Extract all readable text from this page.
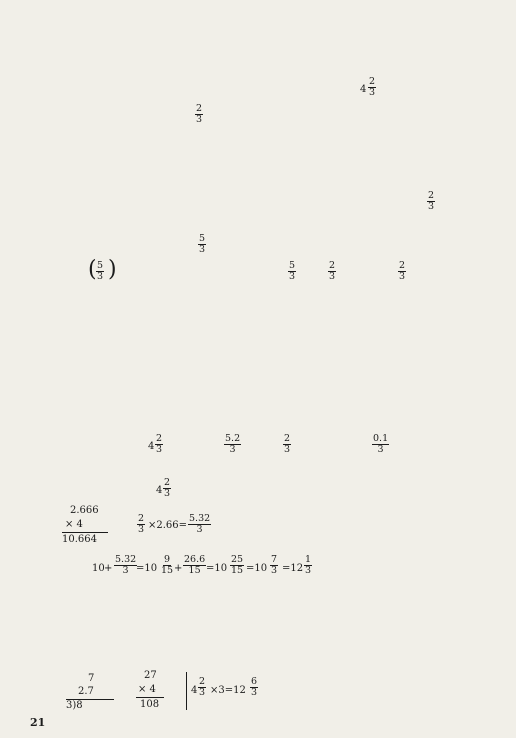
$4 \frac{2}{3}$
$\frac{2}{3}$
$\frac{2}{3}$
$\frac{5}{3}$
( $\frac{5}{3}$ )	$\frac{5}{3}$	$\frac{2}{3}$	$\frac{2}{3}$
$4 \frac{2}{3}$	$\frac{5.2}{3}$	$\frac{2}{3}$	$\frac{0.1}{3}$
$4 \frac{2}{3}$
2.666
× 4
10.664
$\frac{2}{3} \times 2.66= \frac{5.32}{3}$
$10 + \frac{5.32}{3}$
$=10 \frac{9}{15} + \frac{26.6}{15} =10 \frac{25}{15} =10 \frac{7}{3} =12 \frac{1}{3}$
7
2.7
3)8
27
× 4
108
$4 \frac{2}{3} \times 3=12 \frac{6}{3}$
21
